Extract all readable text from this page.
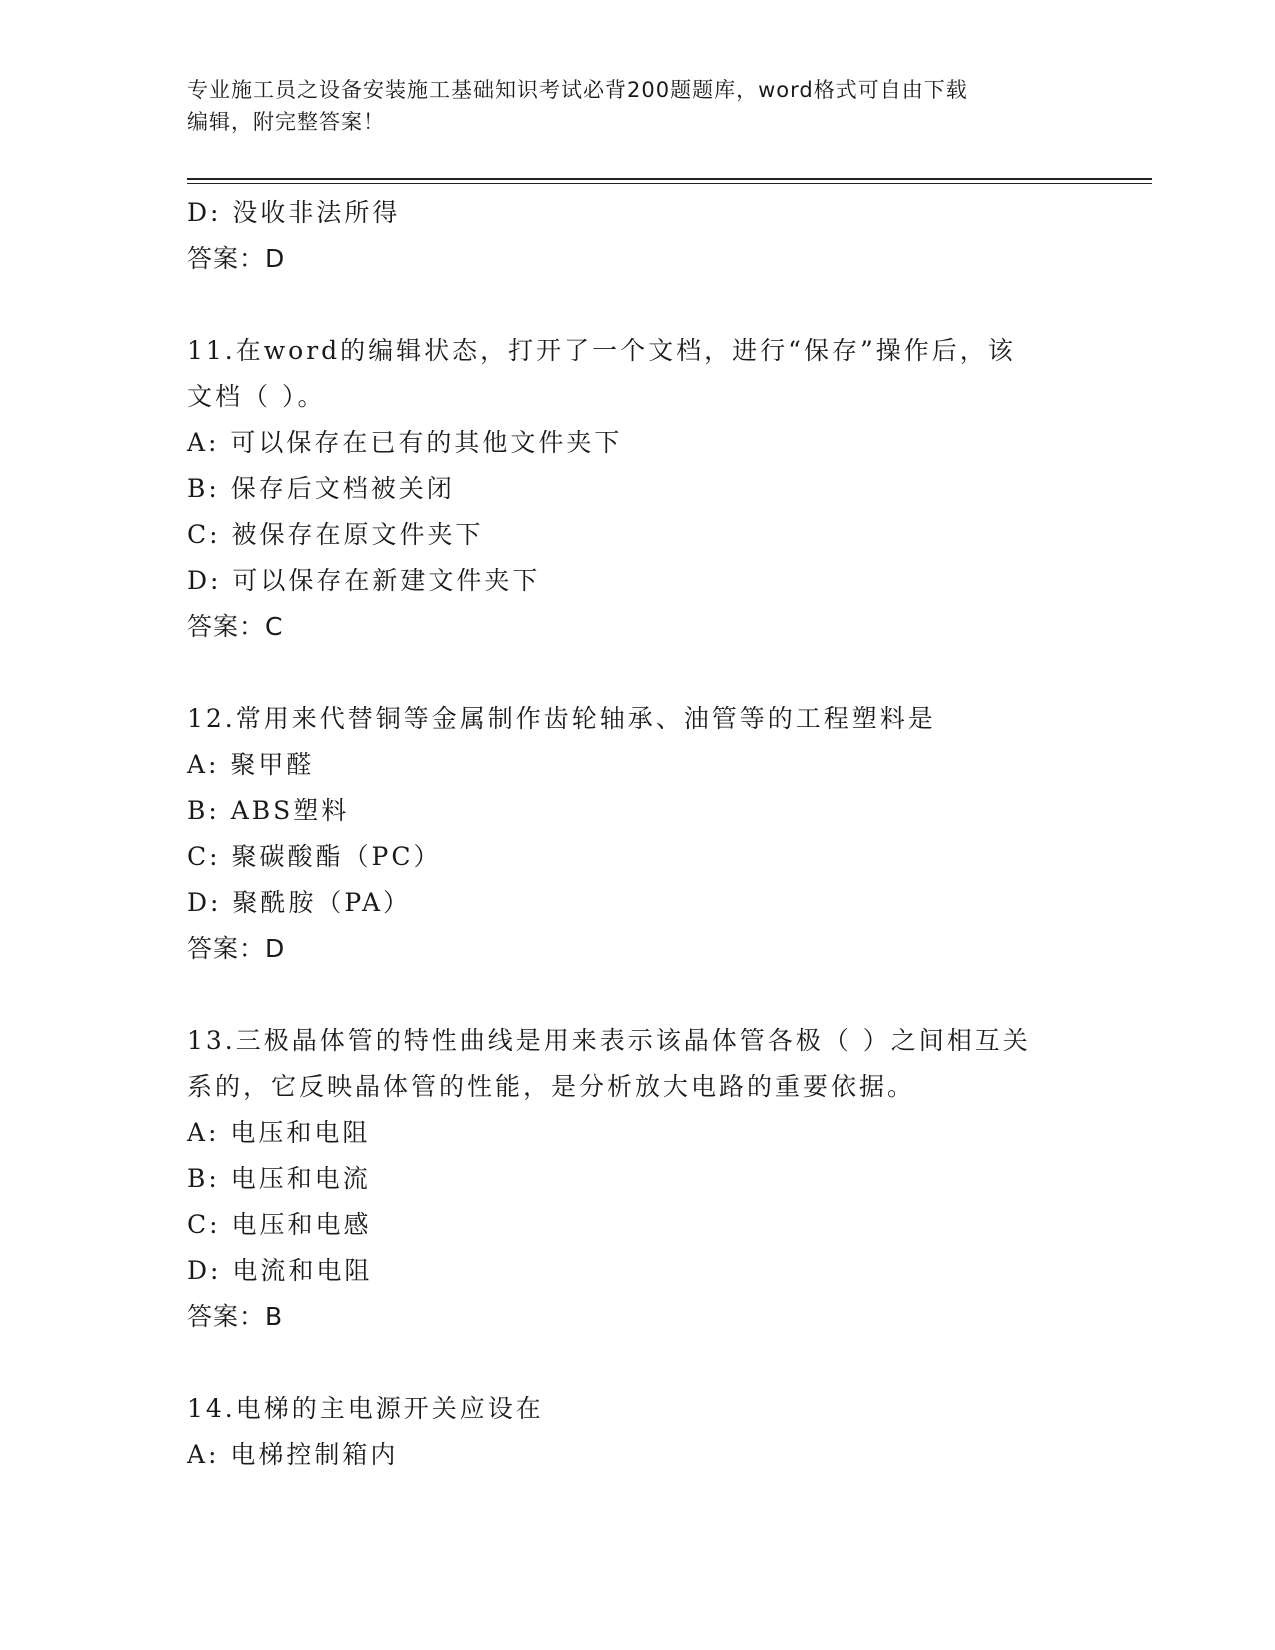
专业施工员之设备安装施工基础知识考试必背200题题库，word格式可自由下载
编辑，附完整答案！
D: 没收非法所得
答案：D
11.在word的编辑状态，打开了一个文档，进行“保存”操作后，该
文档（ ）。
A: 可以保存在已有的其他文件夹下
B: 保存后文档被关闭
C: 被保存在原文件夹下
D: 可以保存在新建文件夹下
答案：C
12.常用来代替铜等金属制作齿轮轴承、油管等的工程塑料是
A: 聚甲醛
B: ABS塑料
C: 聚碳酸酯（PC）
D: 聚酰胺（PA）
答案：D
13.三极晶体管的特性曲线是用来表示该晶体管各极（ ）之间相互关
系的，它反映晶体管的性能，是分析放大电路的重要依据。
A: 电压和电阻
B: 电压和电流
C: 电压和电感
D: 电流和电阻
答案：B
14.电梯的主电源开关应设在
A: 电梯控制箱内
